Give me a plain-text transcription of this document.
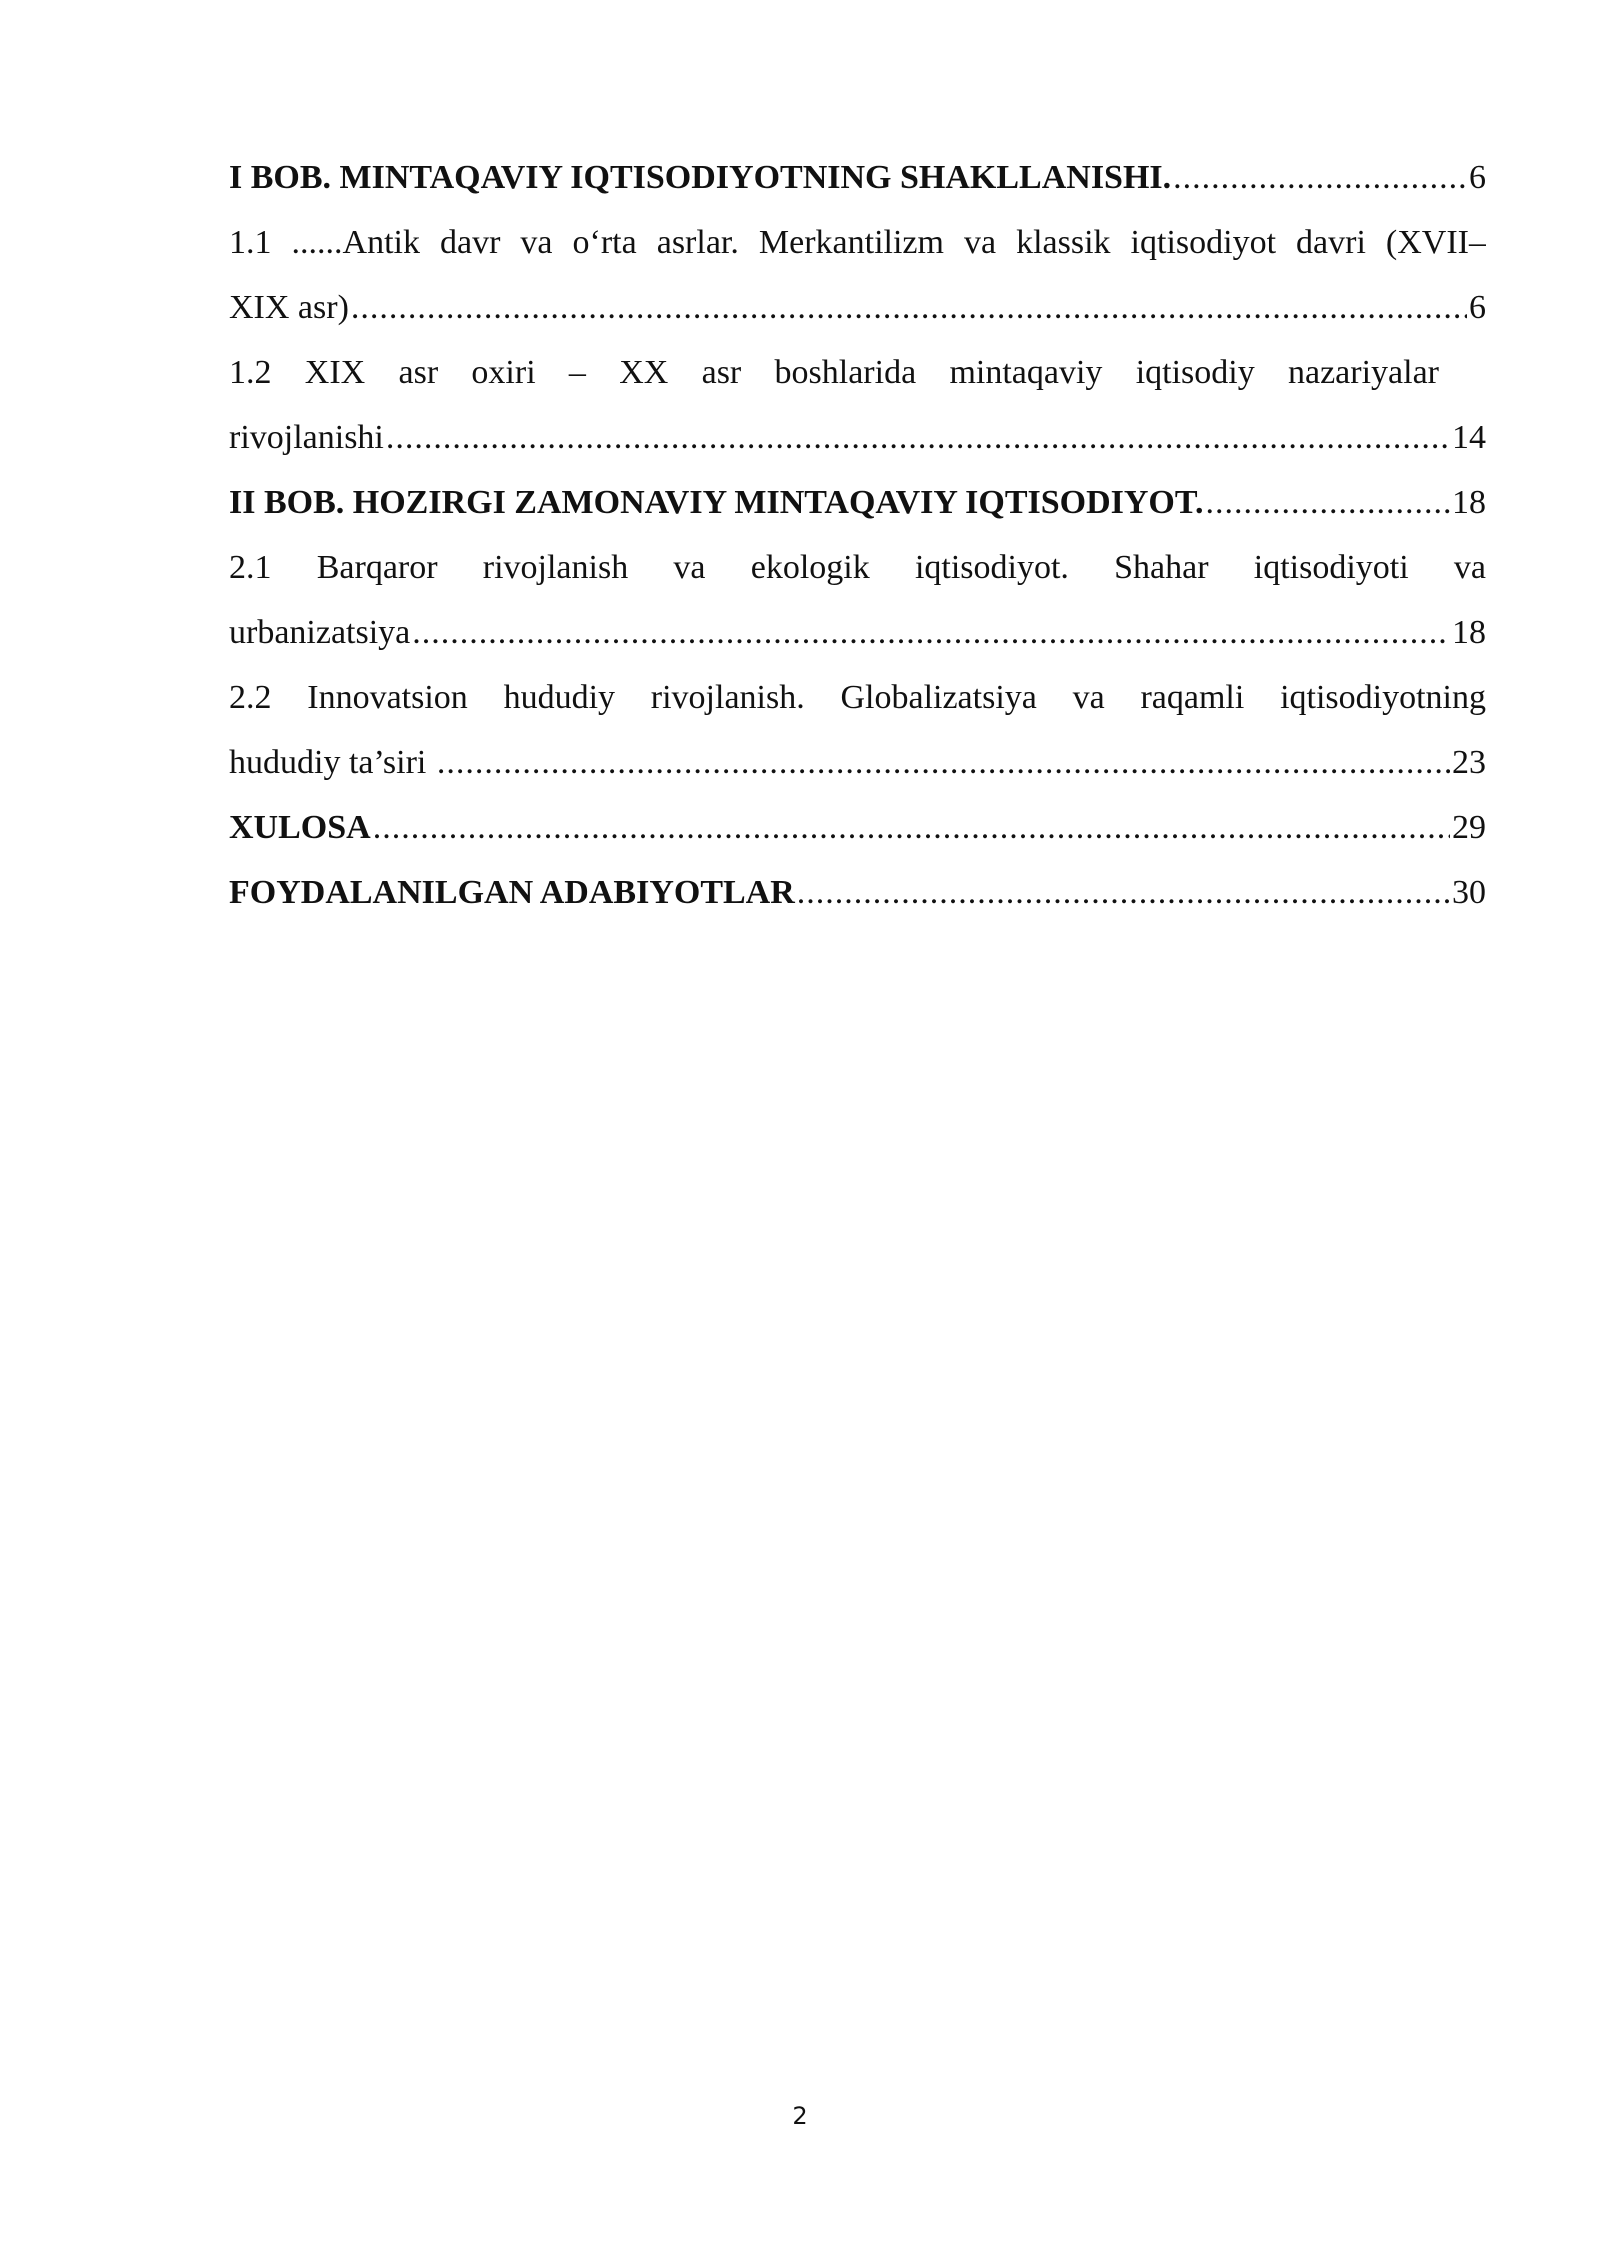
I BOB. MINTAQAVIY IQTISODIYOTNING SHAKLLANISHI. .....	6
1.1 ......Antik davr va o‘rta asrlar. Merkantilizm va klassik iqtisodiyot davri (XVII–
XIX asr) .....	6
1.2 XIX asr oxiri – XX asr boshlarida mintaqaviy iqtisodiy nazariyalar
rivojlanishi .....	14
II BOB. HOZIRGI ZAMONAVIY MINTAQAVIY IQTISODIYOT. .....	18
2.1 Barqaror rivojlanish va ekologik iqtisodiyot. Shahar iqtisodiyoti va
urbanizatsiya .....	18
2.2 Innovatsion hududiy rivojlanish. Globalizatsiya va raqamli iqtisodiyotning
hududiy ta’siri .....	23
XULOSA .....	29
FOYDALANILGAN ADABIYOTLAR .....	30
2
